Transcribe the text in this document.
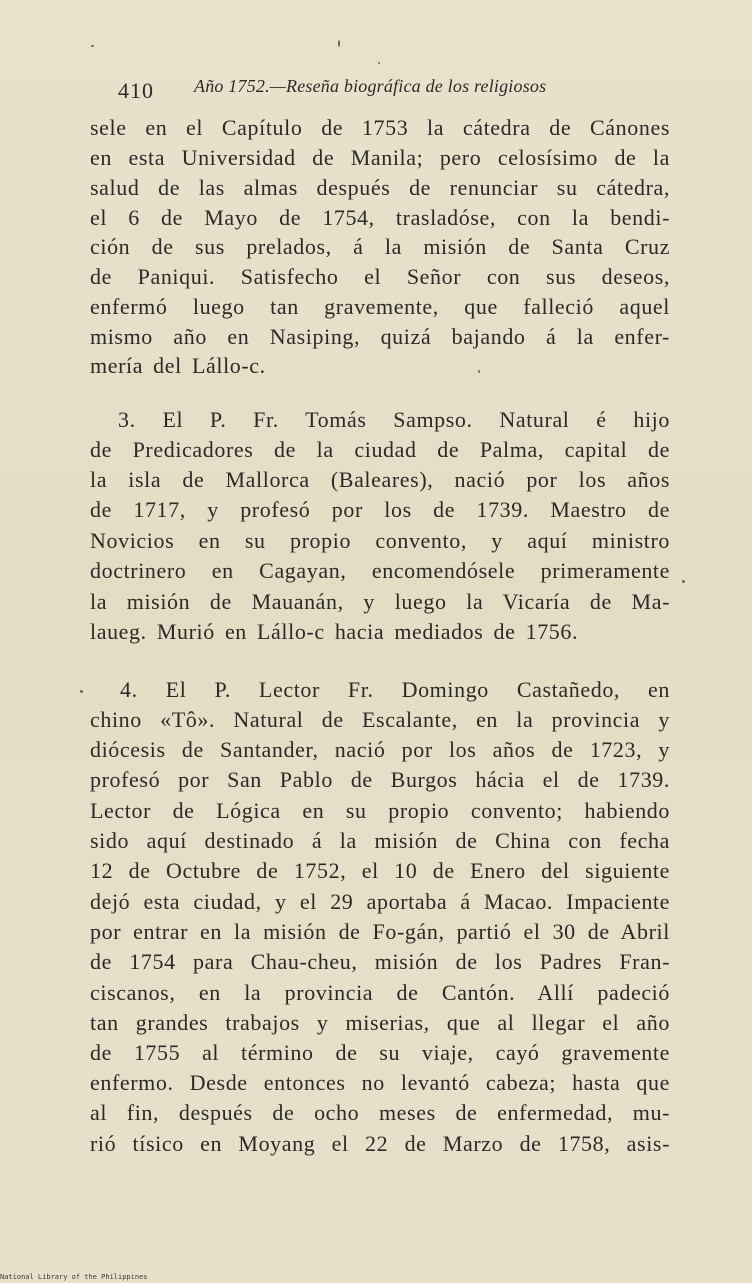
410 Año 1752.—Reseña biográfica de los religiosos
sele en el Capítulo de 1753 la cátedra de Cánones
en esta Universidad de Manila; pero celosísimo de la
salud de las almas después de renunciar su cátedra,
el 6 de Mayo de 1754, trasladóse, con la bendi-
ción de sus prelados, á la misión de Santa Cruz
de Paniqui. Satisfecho el Señor con sus deseos,
enfermó luego tan gravemente, que falleció aquel
mismo año en Nasiping, quizá bajando á la enfer-
mería del Lállo-c.
3. El P. Fr. Tomás Sampso. Natural é hijo
de Predicadores de la ciudad de Palma, capital de
la isla de Mallorca (Baleares), nació por los años
de 1717, y profesó por los de 1739. Maestro de
Novicios en su propio convento, y aquí ministro
doctrinero en Cagayan, encomendósele primeramente
la misión de Mauanán, y luego la Vicaría de Ma-
laueg. Murió en Lállo-c hacia mediados de 1756.
4. El P. Lector Fr. Domingo Castañedo, en
chino «Tô». Natural de Escalante, en la provincia y
diócesis de Santander, nació por los años de 1723, y
profesó por San Pablo de Burgos hácia el de 1739.
Lector de Lógica en su propio convento; habiendo
sido aquí destinado á la misión de China con fecha
12 de Octubre de 1752, el 10 de Enero del siguiente
dejó esta ciudad, y el 29 aportaba á Macao. Impaciente
por entrar en la misión de Fo-gán, partió el 30 de Abril
de 1754 para Chau-cheu, misión de los Padres Fran-
ciscanos, en la provincia de Cantón. Allí padeció
tan grandes trabajos y miserias, que al llegar el año
de 1755 al término de su viaje, cayó gravemente
enfermo. Desde entonces no levantó cabeza; hasta que
al fin, después de ocho meses de enfermedad, mu-
rió tísico en Moyang el 22 de Marzo de 1758, asis-
National Library of the Philippines
